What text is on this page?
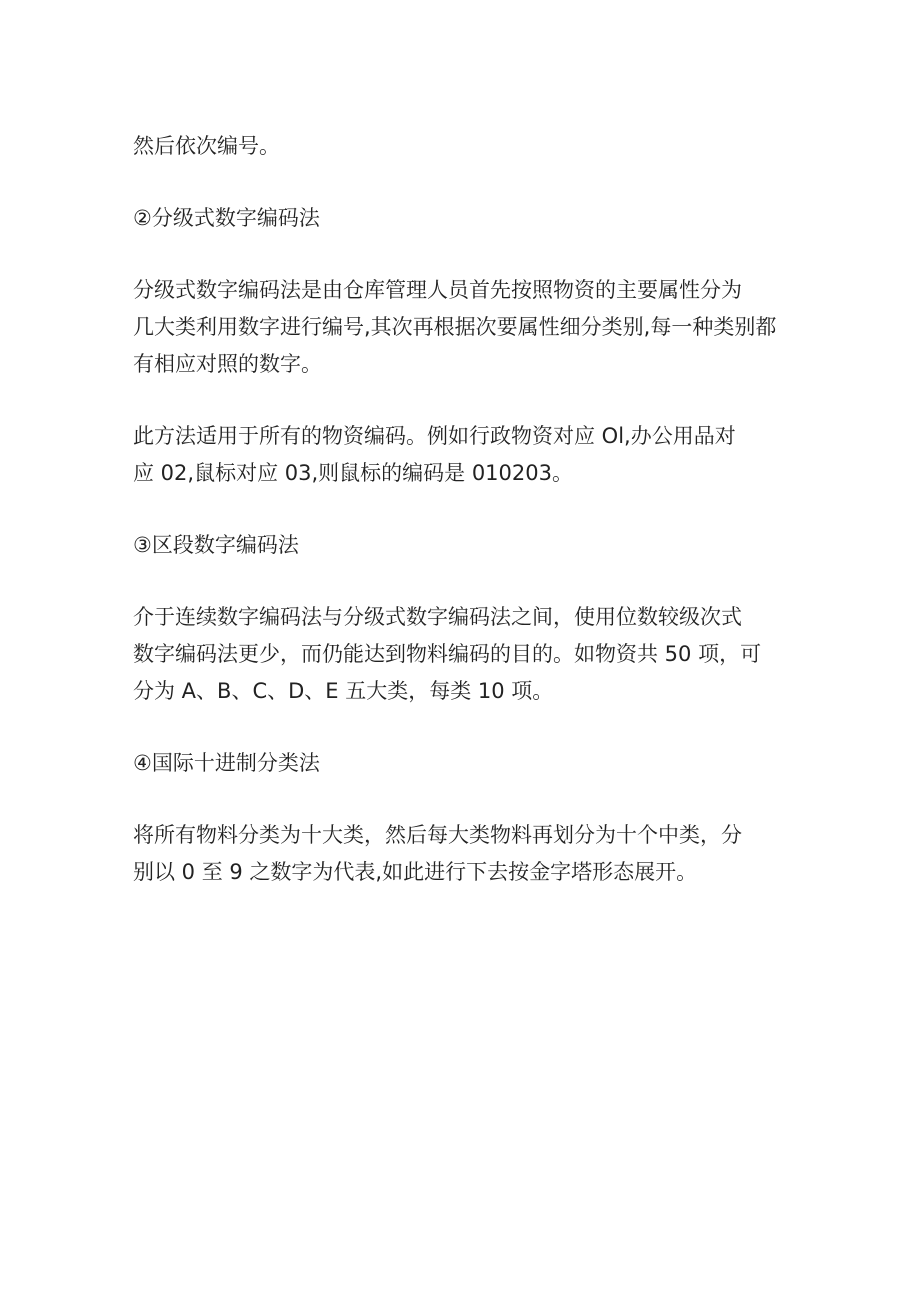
然后依次编号。
②分级式数字编码法
分级式数字编码法是由仓库管理人员首先按照物资的主要属性分为
几大类利用数字进行编号,其次再根据次要属性细分类别,每一种类别都
有相应对照的数字。
此方法适用于所有的物资编码。例如行政物资对应 Ol,办公用品对
应 02,鼠标对应 03,则鼠标的编码是 010203。
③区段数字编码法
介于连续数字编码法与分级式数字编码法之间，使用位数较级次式
数字编码法更少，而仍能达到物料编码的目的。如物资共 50 项，可
分为 A、B、C、D、E 五大类，每类 10 项。
④国际十进制分类法
将所有物料分类为十大类，然后每大类物料再划分为十个中类，分
别以 0 至 9 之数字为代表,如此进行下去按金字塔形态展开。
